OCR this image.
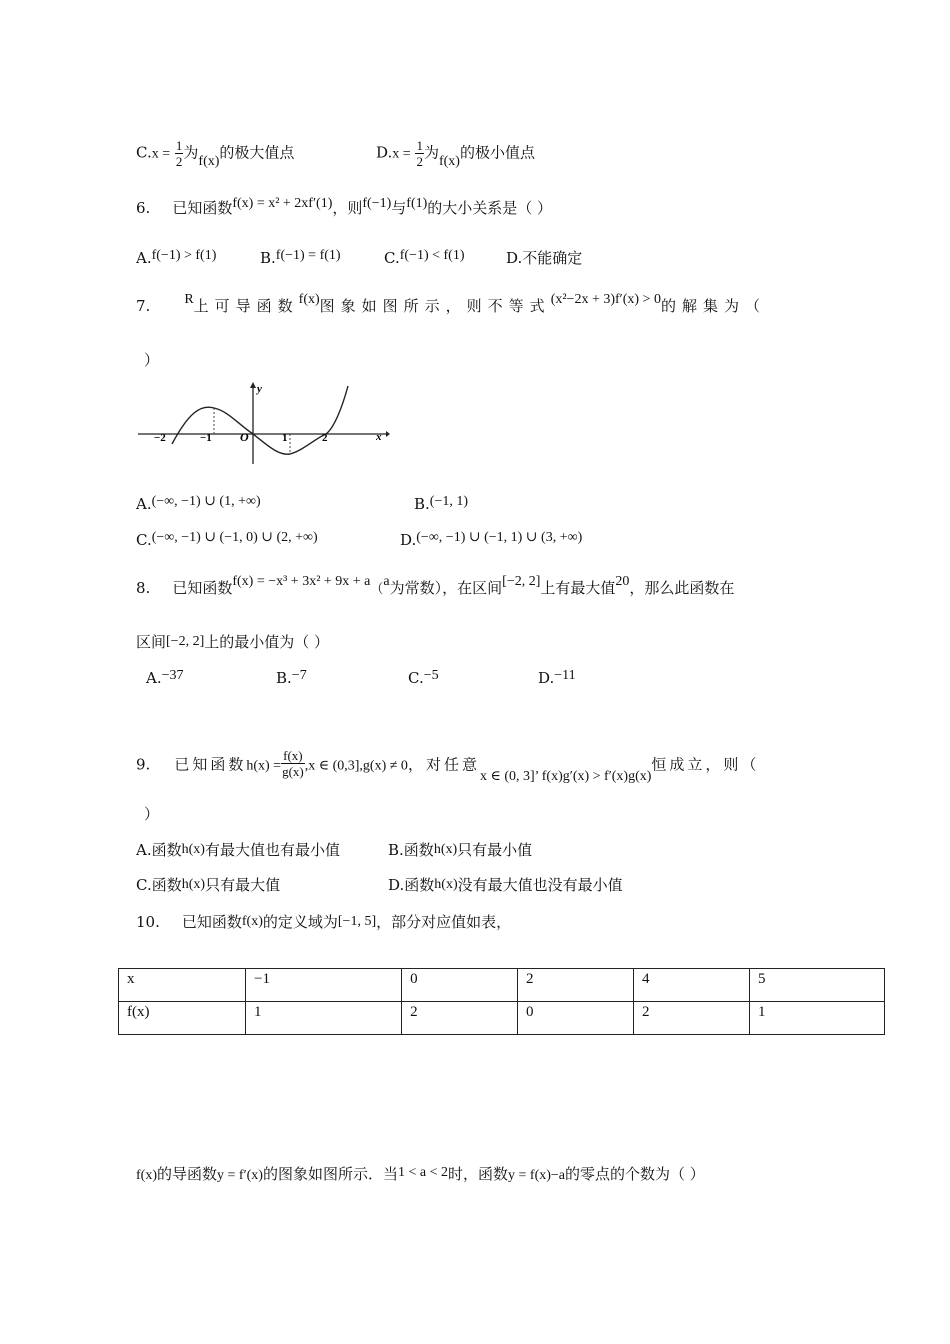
$C.x = \frac{1}{2}$ 为f(x)的极大值点	$D.x = \frac{1}{2}$ 为f(x)的极小值点
6. 已知函数f(x) = x² + 2xf′(1)，则f(−1)与f(1)的大小关系是（ ）
A.f(−1) > f(1)	B.f(−1) = f(1)	C.f(−1) < f(1)	D.不能确定
7. R上可导函数f(x)图象如图所示，则不等式(x²−2x + 3)f′(x) > 0的解集为（
）
−2	−1 O	1	2	x
y
A.(−∞, −1) ∪ (1, +∞)	B.(−1, 1)
C.(−∞, −1) ∪ (−1, 0) ∪ (2, +∞)	D.(−∞, −1) ∪ (−1, 1) ∪ (3, +∞)
8. 已知函数f(x) = −x³ + 3x² + 9x + a（a为常数），在区间[−2, 2]上有最大值20，那么此函数在
区间[−2, 2]上的最小值为（ ）
A.−37	B.−7	C.−5	D.−11
9. 已知函数$h(x) = \frac{f(x)}{g(x)} ,x$ ∈ (0,3],g(x) ≠ 0，对任意x ∈ (0, 3]’ f(x)g′(x) > f′(x)g(x)恒成立，则（
）
A.函数h(x)有最大值也有最小值	B.函数h(x)只有最小值
C.函数h(x)只有最大值	D.函数h(x)没有最大值也没有最小值
10. 已知函数f(x)的定义域为[−1, 5]，部分对应值如表，
x	−1	0	2	4	5
f(x)	1	2	0	2	1
f(x)的导函数y = f′(x)的图象如图所示．当1 < a < 2时，函数y = f(x)−a的零点的个数为（ ）
